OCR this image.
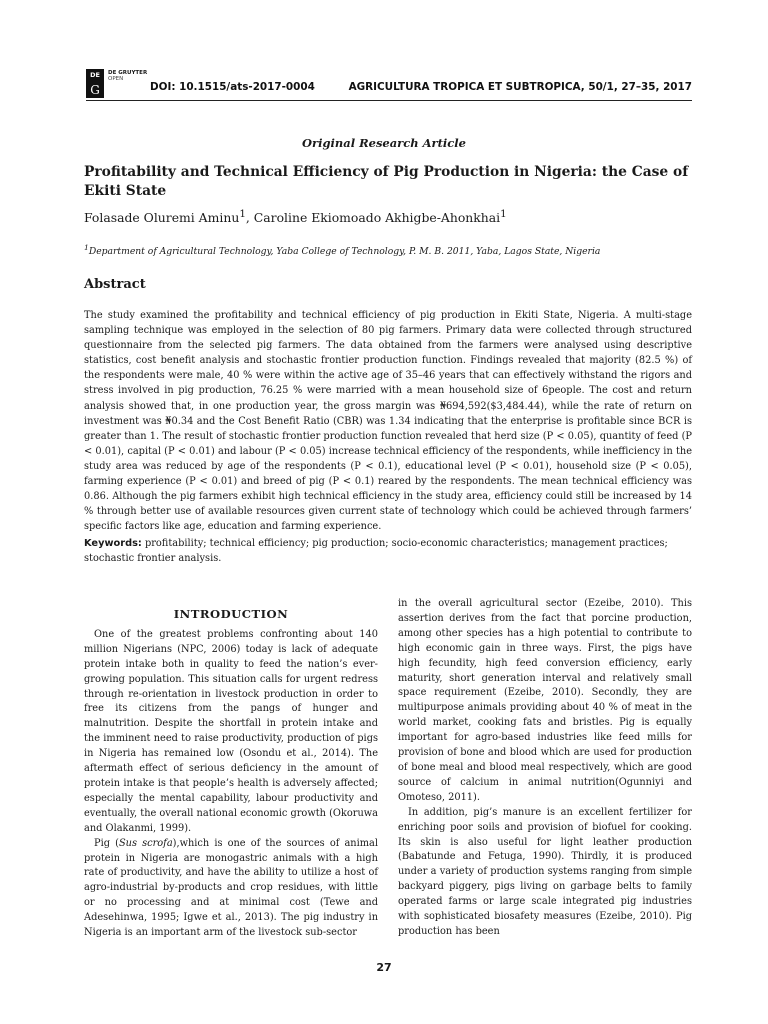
DE
G
DE GRUYTER
OPEN
DOI: 10.1515/ats-2017-0004	AGRICULTURA TROPICA ET SUBTROPICA, 50/1, 27–35, 2017
Original Research Article
Profitability and Technical Efficiency of Pig Production in Nigeria: the Case of Ekiti State
Folasade Oluremi Aminu$^1$, Caroline Ekiomoado Akhigbe-Ahonkhai$^1$
$^1$Department of Agricultural Technology, Yaba College of Technology, P. M. B. 2011, Yaba, Lagos State, Nigeria
Abstract

The study examined the profitability and technical efficiency of pig production in Ekiti State, Nigeria. A multi-stage sampling technique was employed in the selection of 80 pig farmers. Primary data were collected through structured questionnaire from the selected pig farmers. The data obtained from the farmers were analysed using descriptive statistics, cost benefit analysis and stochastic frontier production function. Findings revealed that majority (82.5 %) of the respondents were male, 40 % were within the active age of 35–46 years that can effectively withstand the rigors and stress involved in pig production, 76.25 % were married with a mean household size of 6people. The cost and return analysis showed that, in one production year, the gross margin was ₦694,592($3,484.44), while the rate of return on investment was ₦0.34 and the Cost Benefit Ratio (CBR) was 1.34 indicating that the enterprise is profitable since BCR is greater than 1. The result of stochastic frontier production function revealed that herd size (P < 0.05), quantity of feed (P < 0.01), capital (P < 0.01) and labour (P < 0.05) increase technical efficiency of the respondents, while inefficiency in the study area was reduced by age of the respondents (P < 0.1), educational level (P < 0.01), household size (P < 0.05), farming experience (P < 0.01) and breed of pig (P < 0.1) reared by the respondents. The mean technical efficiency was 0.86. Although the pig farmers exhibit high technical efficiency in the study area, efficiency could still be increased by 14 % through better use of available resources given current state of technology which could be achieved through farmers’ specific factors like age, education and farming experience.

Keywords: profitability; technical efficiency; pig production; socio-economic characteristics; management practices; stochastic frontier analysis.

INTRODUCTION

One of the greatest problems confronting about 140 million Nigerians (NPC, 2006) today is lack of adequate protein intake both in quality to feed the nation’s ever-growing population. This situation calls for urgent redress through re-orientation in livestock production in order to free its citizens from the pangs of hunger and malnutrition. Despite the shortfall in protein intake and the imminent need to raise productivity, production of pigs in Nigeria has remained low (Osondu et al., 2014). The aftermath effect of serious deficiency in the amount of protein intake is that people’s health is adversely affected; especially the mental capability, labour productivity and eventually, the overall national economic growth (Okoruwa and Olakanmi, 1999).

Pig (Sus scrofa),which is one of the sources of animal protein in Nigeria are monogastric animals with a high rate of productivity, and have the ability to utilize a host of agro-industrial by-products and crop residues, with little or no processing and at minimal cost (Tewe and Adesehinwa, 1995; Igwe et al., 2013). The pig industry in Nigeria is an important arm of the livestock sub-sector

in the overall agricultural sector (Ezeibe, 2010). This assertion derives from the fact that porcine production, among other species has a high potential to contribute to high economic gain in three ways. First, the pigs have high fecundity, high feed conversion efficiency, early maturity, short generation interval and relatively small space requirement (Ezeibe, 2010). Secondly, they are multipurpose animals providing about 40 % of meat in the world market, cooking fats and bristles. Pig is equally important for agro-based industries like feed mills for provision of bone and blood which are used for production of bone meal and blood meal respectively, which are good source of calcium in animal nutrition(Ogunniyi and Omoteso, 2011).

In addition, pig’s manure is an excellent fertilizer for enriching poor soils and provision of biofuel for cooking. Its skin is also useful for light leather production (Babatunde and Fetuga, 1990). Thirdly, it is produced under a variety of production systems ranging from simple backyard piggery, pigs living on garbage belts to family operated farms or large scale integrated pig industries with sophisticated biosafety measures (Ezeibe, 2010). Pig production has been

27
